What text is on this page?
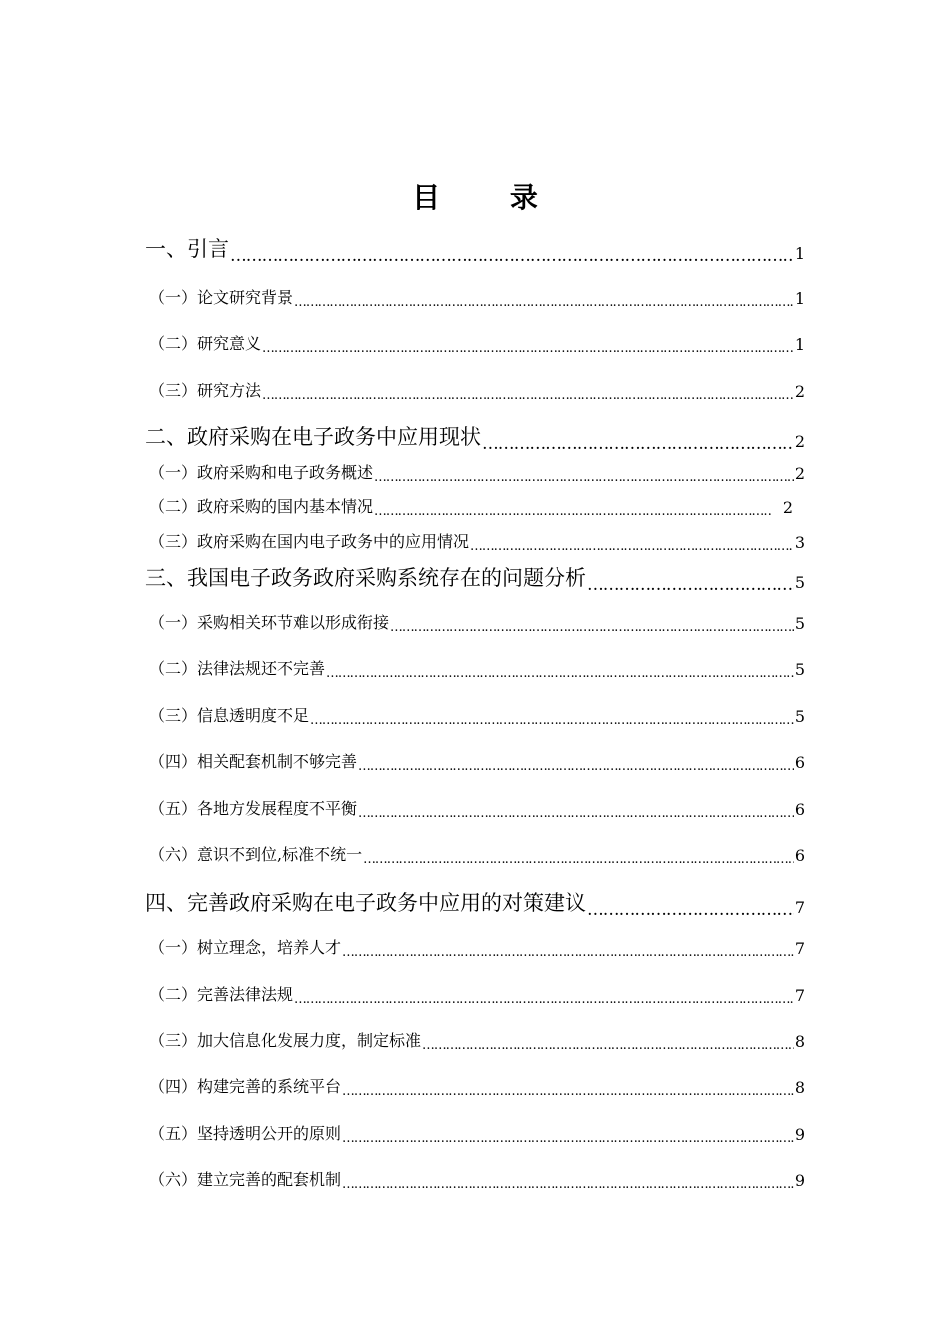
目 录
一、引言 …………………………………………………………………………………………………………………………………………………………………………………………………	1
（一）论文研究背景 …………………………………………………………………………………………………………………………………………………………………………………………………	1
（二）研究意义 …………………………………………………………………………………………………………………………………………………………………………………………………	1
（三）研究方法 …………………………………………………………………………………………………………………………………………………………………………………………………	2
二、政府采购在电子政务中应用现状 …………………………………………………………………………………………………………………………………………………………………………………………………	2
（一）政府采购和电子政务概述 …………………………………………………………………………………………………………………………………………………………………………………………………	2
（二）政府采购的国内基本情况 …………………………………………………………………………………………………………………………………………………………………………………………………	2
（三）政府采购在国内电子政务中的应用情况 …………………………………………………………………………………………………………………………………………………………………………………………………	3
三、我国电子政务政府采购系统存在的问题分析 …………………………………………………………………………………………………………………………………………………………………………………………………	5
（一）采购相关环节难以形成衔接 …………………………………………………………………………………………………………………………………………………………………………………………………	5
（二）法律法规还不完善 …………………………………………………………………………………………………………………………………………………………………………………………………	5
（三）信息透明度不足 …………………………………………………………………………………………………………………………………………………………………………………………………	5
（四）相关配套机制不够完善 …………………………………………………………………………………………………………………………………………………………………………………………………	6
（五）各地方发展程度不平衡 …………………………………………………………………………………………………………………………………………………………………………………………………	6
（六）意识不到位,标准不统一 …………………………………………………………………………………………………………………………………………………………………………………………………	6
四、完善政府采购在电子政务中应用的对策建议 …………………………………………………………………………………………………………………………………………………………………………………………………	7
（一）树立理念，培养人才 …………………………………………………………………………………………………………………………………………………………………………………………………	7
（二）完善法律法规 …………………………………………………………………………………………………………………………………………………………………………………………………	7
（三）加大信息化发展力度，制定标准 …………………………………………………………………………………………………………………………………………………………………………………………………	8
（四）构建完善的系统平台 …………………………………………………………………………………………………………………………………………………………………………………………………	8
（五）坚持透明公开的原则 …………………………………………………………………………………………………………………………………………………………………………………………………	9
（六）建立完善的配套机制 …………………………………………………………………………………………………………………………………………………………………………………………………	9
